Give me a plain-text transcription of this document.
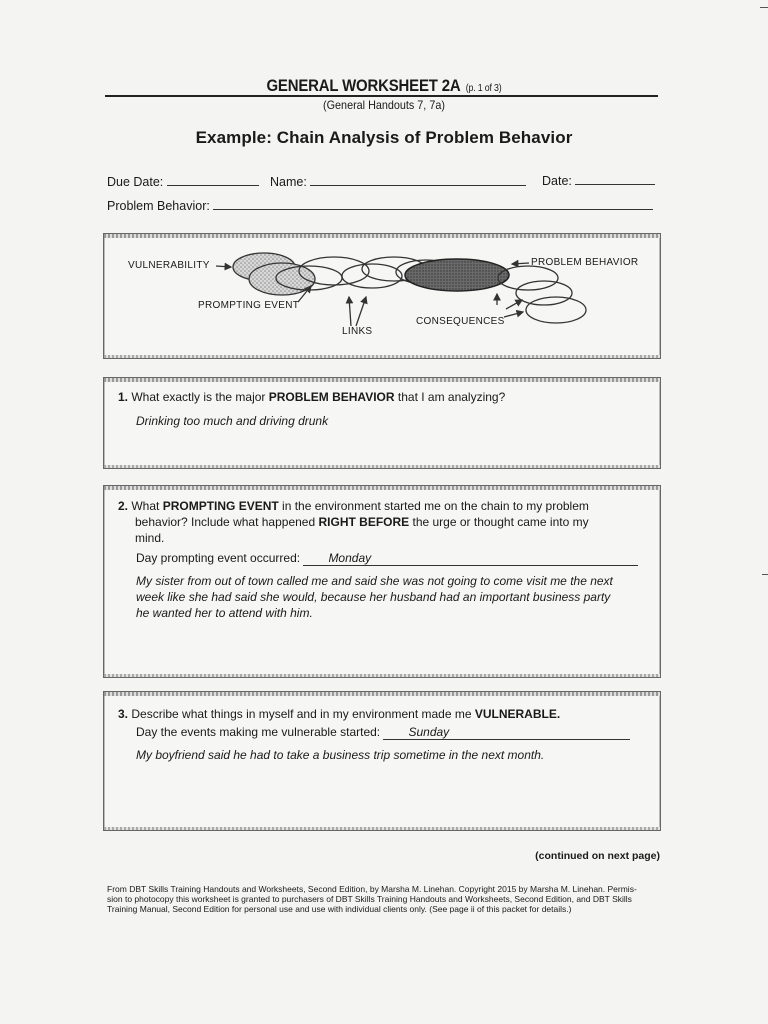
GENERAL WORKSHEET 2A (p. 1 of 3)
(General Handouts 7, 7a)
Example: Chain Analysis of Problem Behavior
Due Date:	Name:	Date:
Problem Behavior:
VULNERABILITY
PROMPTING EVENT
LINKS
CONSEQUENCES
PROBLEM BEHAVIOR
1. What exactly is the major PROBLEM BEHAVIOR that I am analyzing?
Drinking too much and driving drunk
2. What PROMPTING EVENT in the environment started me on the chain to my problem
behavior? Include what happened RIGHT BEFORE the urge or thought came into my
mind.
Day prompting event occurred: Monday
My sister from out of town called me and said she was not going to come visit me the next
week like she had said she would, because her husband had an important business party
he wanted her to attend with him.
3. Describe what things in myself and in my environment made me VULNERABLE.
Day the events making me vulnerable started: Sunday
My boyfriend said he had to take a business trip sometime in the next month.
(continued on next page)
From DBT Skills Training Handouts and Worksheets, Second Edition, by Marsha M. Linehan. Copyright 2015 by Marsha M. Linehan. Permis-
sion to photocopy this worksheet is granted to purchasers of DBT Skills Training Handouts and Worksheets, Second Edition, and DBT Skills
Training Manual, Second Edition for personal use and use with individual clients only. (See page ii of this packet for details.)
